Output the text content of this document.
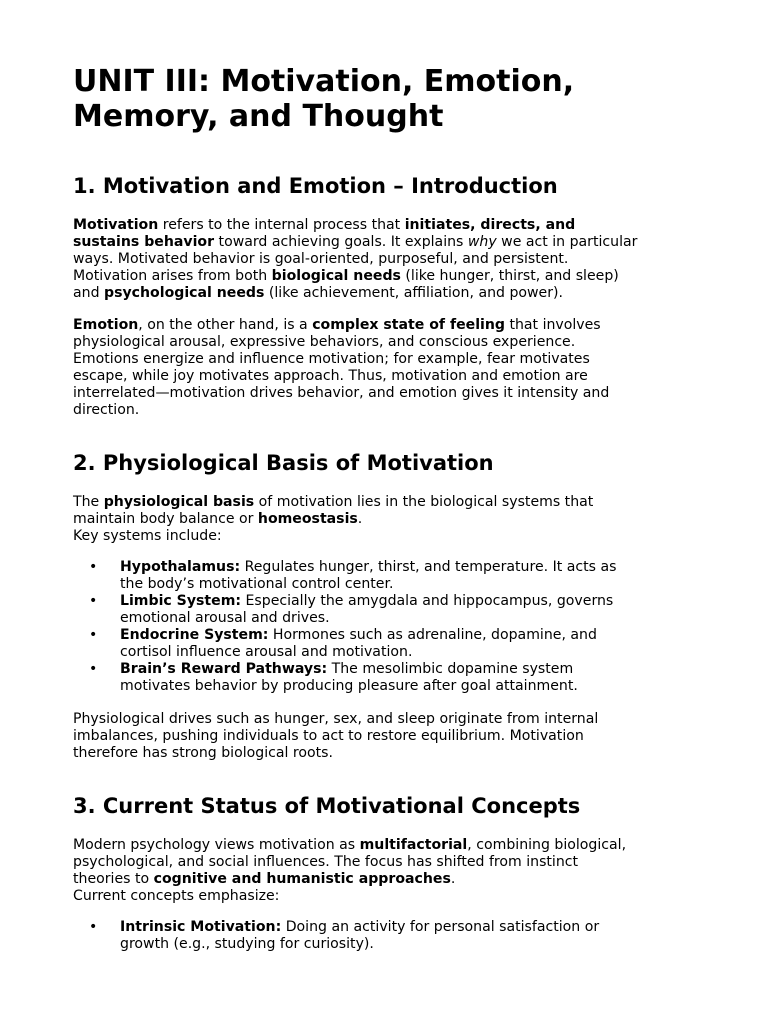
UNIT III: Motivation, Emotion,
Memory, and Thought
1. Motivation and Emotion – Introduction

Motivation refers to the internal process that initiates, directs, and
sustains behavior toward achieving goals. It explains why we act in particular
ways. Motivated behavior is goal-oriented, purposeful, and persistent.
Motivation arises from both biological needs (like hunger, thirst, and sleep)
and psychological needs (like achievement, affiliation, and power).

Emotion, on the other hand, is a complex state of feeling that involves
physiological arousal, expressive behaviors, and conscious experience.
Emotions energize and influence motivation; for example, fear motivates
escape, while joy motivates approach. Thus, motivation and emotion are
interrelated—motivation drives behavior, and emotion gives it intensity and
direction.

2. Physiological Basis of Motivation

The physiological basis of motivation lies in the biological systems that
maintain body balance or homeostasis.
Key systems include:

• Hypothalamus: Regulates hunger, thirst, and temperature. It acts as
the body’s motivational control center.
• Limbic System: Especially the amygdala and hippocampus, governs
emotional arousal and drives.
• Endocrine System: Hormones such as adrenaline, dopamine, and
cortisol influence arousal and motivation.
• Brain’s Reward Pathways: The mesolimbic dopamine system
motivates behavior by producing pleasure after goal attainment.

Physiological drives such as hunger, sex, and sleep originate from internal
imbalances, pushing individuals to act to restore equilibrium. Motivation
therefore has strong biological roots.

3. Current Status of Motivational Concepts

Modern psychology views motivation as multifactorial, combining biological,
psychological, and social influences. The focus has shifted from instinct
theories to cognitive and humanistic approaches.
Current concepts emphasize:

• Intrinsic Motivation: Doing an activity for personal satisfaction or
growth (e.g., studying for curiosity).
